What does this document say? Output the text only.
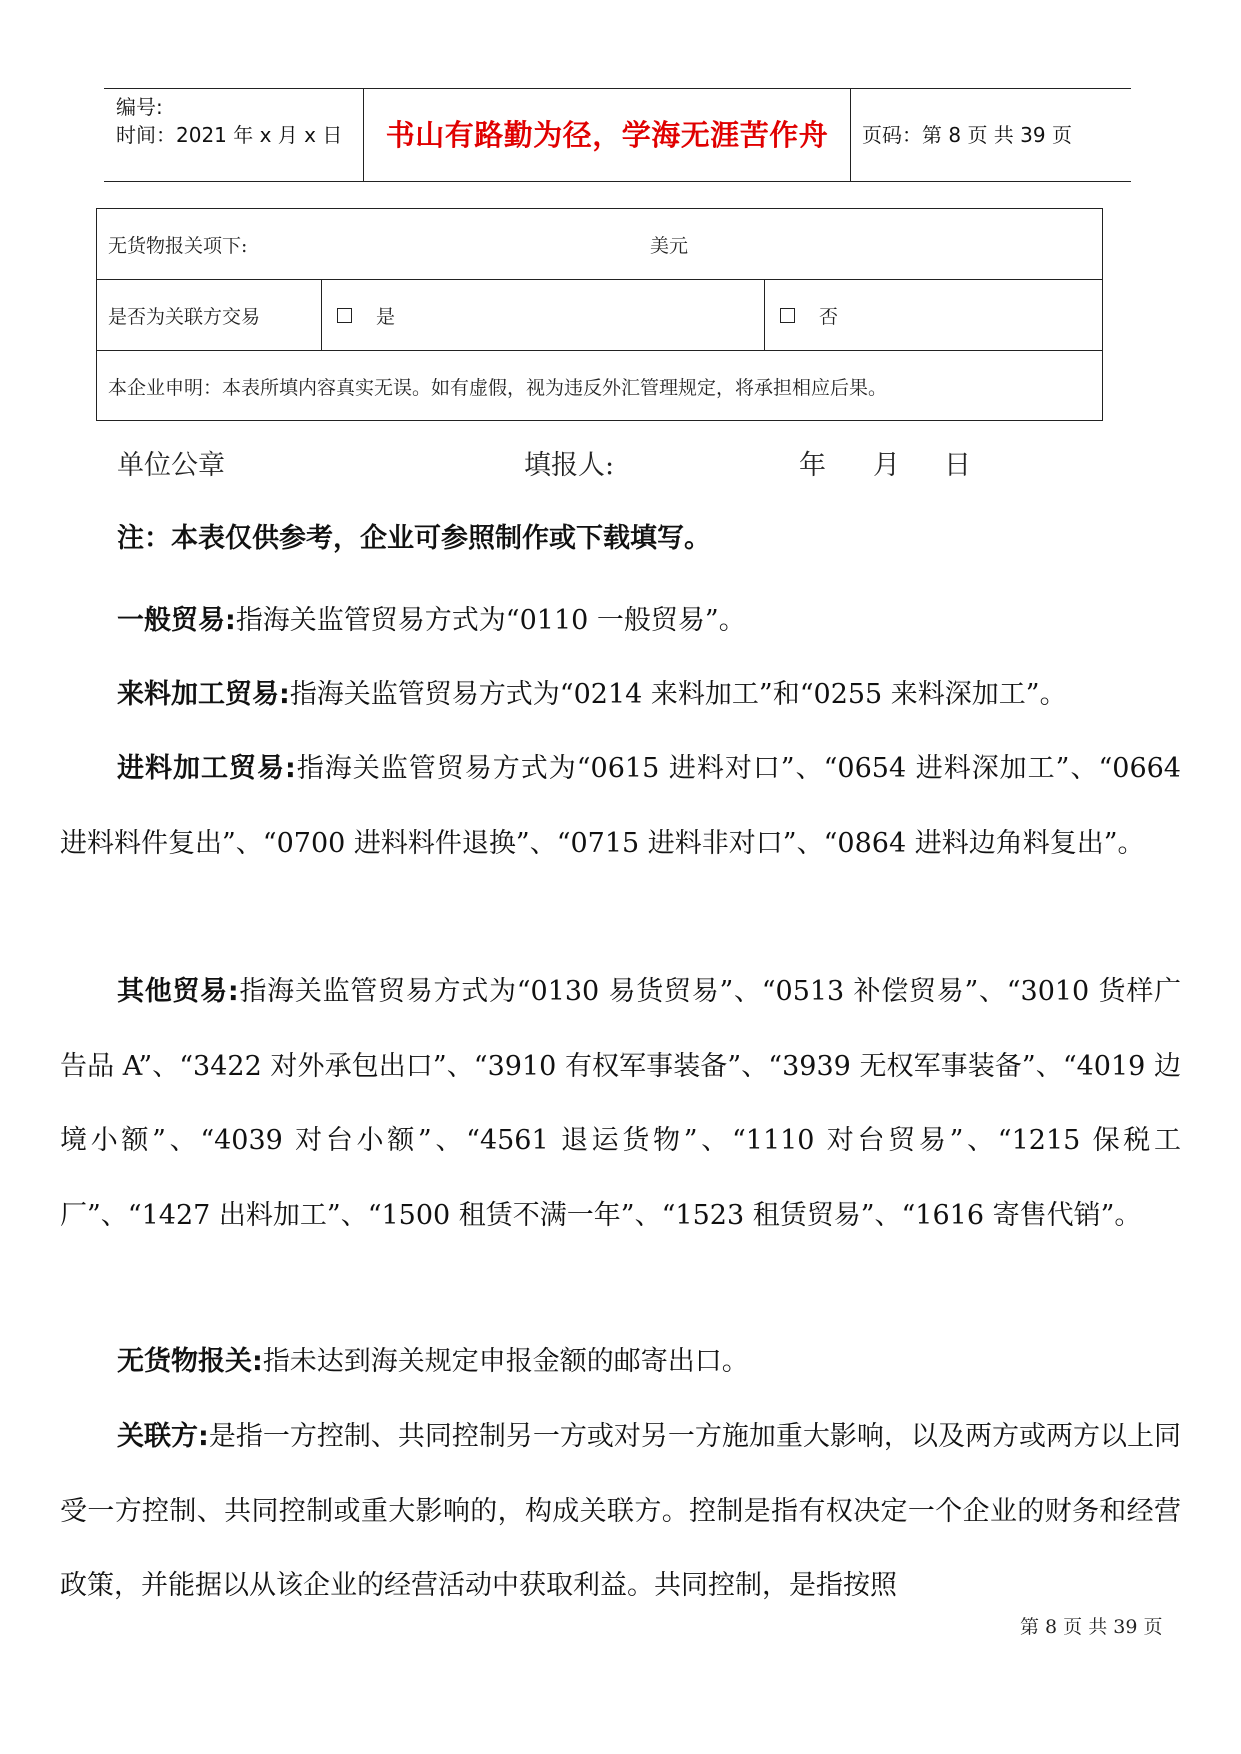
编号:
时间：2021 年 x 月 x 日	书山有路勤为径，学海无涯苦作舟	页码：第 8 页 共 39 页
无货物报关项下:	美元
是否为关联方交易	是	否
本企业申明：本表所填内容真实无误。如有虚假，视为违反外汇管理规定，将承担相应后果。
单位公章	填报人:	年 月 日
注：本表仅供参考，企业可参照制作或下载填写。

一般贸易:指海关监管贸易方式为“0110 一般贸易”。

来料加工贸易:指海关监管贸易方式为“0214 来料加工”和“0255 来料深加工”。

进料加工贸易:指海关监管贸易方式为“0615 进料对口”、“0654 进料深加工”、“0664 进料料件复出”、“0700 进料料件退换”、“0715 进料非对口”、“0864 进料边角料复出”。

其他贸易:指海关监管贸易方式为“0130 易货贸易”、“0513 补偿贸易”、“3010 货样广告品 A”、“3422 对外承包出口”、“3910 有权军事装备”、“3939 无权军事装备”、“4019 边境小额”、“4039 对台小额”、“4561 退运货物”、“1110 对台贸易”、“1215 保税工厂”、“1427 出料加工”、“1500 租赁不满一年”、“1523 租赁贸易”、“1616 寄售代销”。

无货物报关:指未达到海关规定申报金额的邮寄出口。

关联方:是指一方控制、共同控制另一方或对另一方施加重大影响，以及两方或两方以上同受一方控制、共同控制或重大影响的，构成关联方。控制是指有权决定一个企业的财务和经营政策，并能据以从该企业的经营活动中获取利益。共同控制，是指按照

第 8 页 共 39 页
